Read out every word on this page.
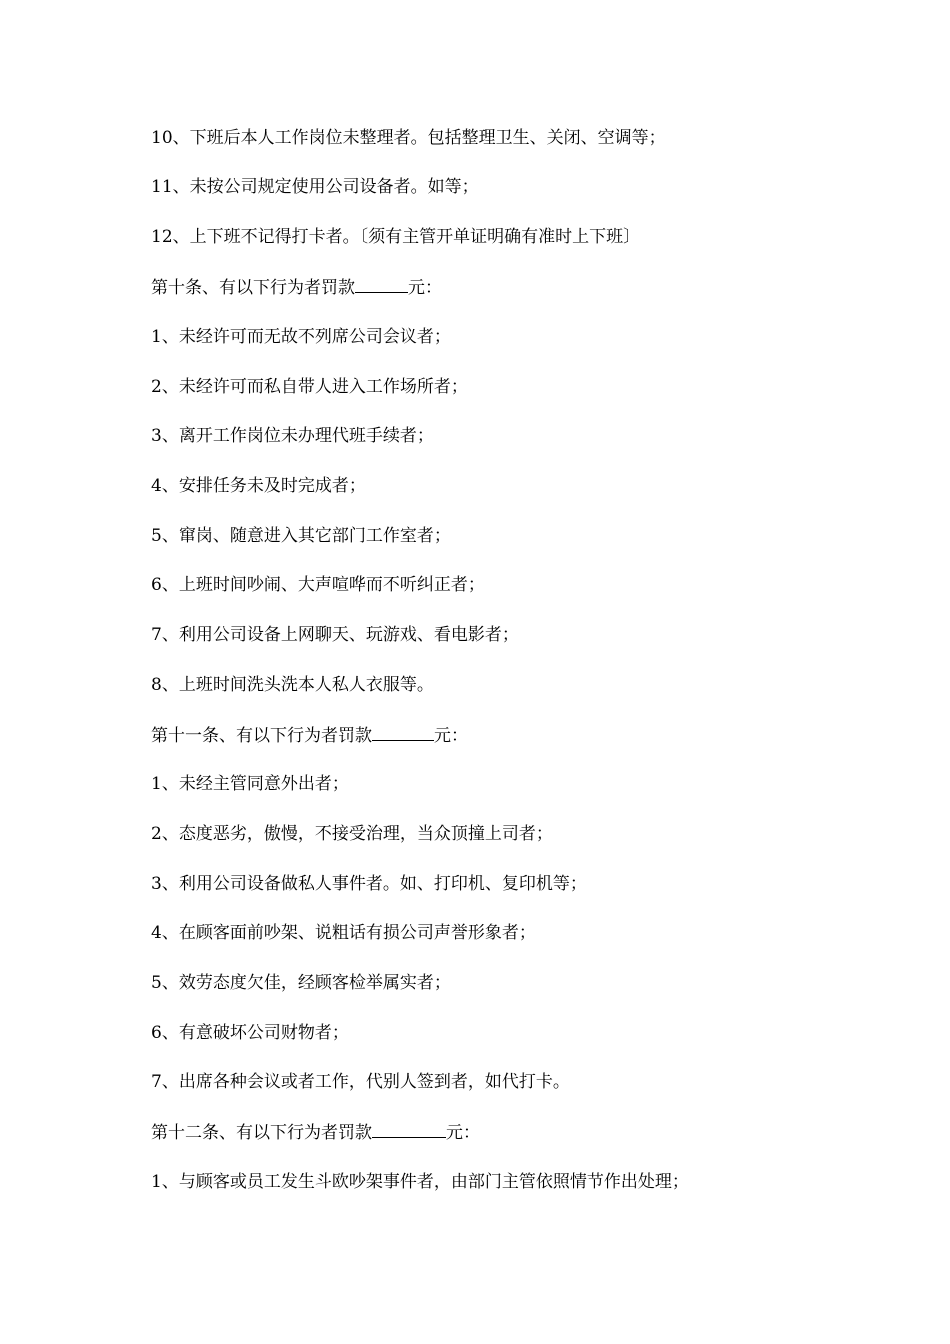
10、下班后本人工作岗位未整理者。包括整理卫生、关闭、空调等；
11、未按公司规定使用公司设备者。如等；
12、上下班不记得打卡者。〔须有主管开单证明确有准时上下班〕
第十条、有以下行为者罚款	元：
1、未经许可而无故不列席公司会议者；
2、未经许可而私自带人进入工作场所者；
3、离开工作岗位未办理代班手续者；
4、安排任务未及时完成者；
5、窜岗、随意进入其它部门工作室者；
6、上班时间吵闹、大声喧哗而不听纠正者；
7、利用公司设备上网聊天、玩游戏、看电影者；
8、上班时间洗头洗本人私人衣服等。
第十一条、有以下行为者罚款	元：
1、未经主管同意外出者；
2、态度恶劣，傲慢，不接受治理，当众顶撞上司者；
3、利用公司设备做私人事件者。如、打印机、复印机等；
4、在顾客面前吵架、说粗话有损公司声誉形象者；
5、效劳态度欠佳，经顾客检举属实者；
6、有意破坏公司财物者；
7、出席各种会议或者工作，代别人签到者，如代打卡。
第十二条、有以下行为者罚款	元：
1、与顾客或员工发生斗欧吵架事件者，由部门主管依照情节作出处理；
